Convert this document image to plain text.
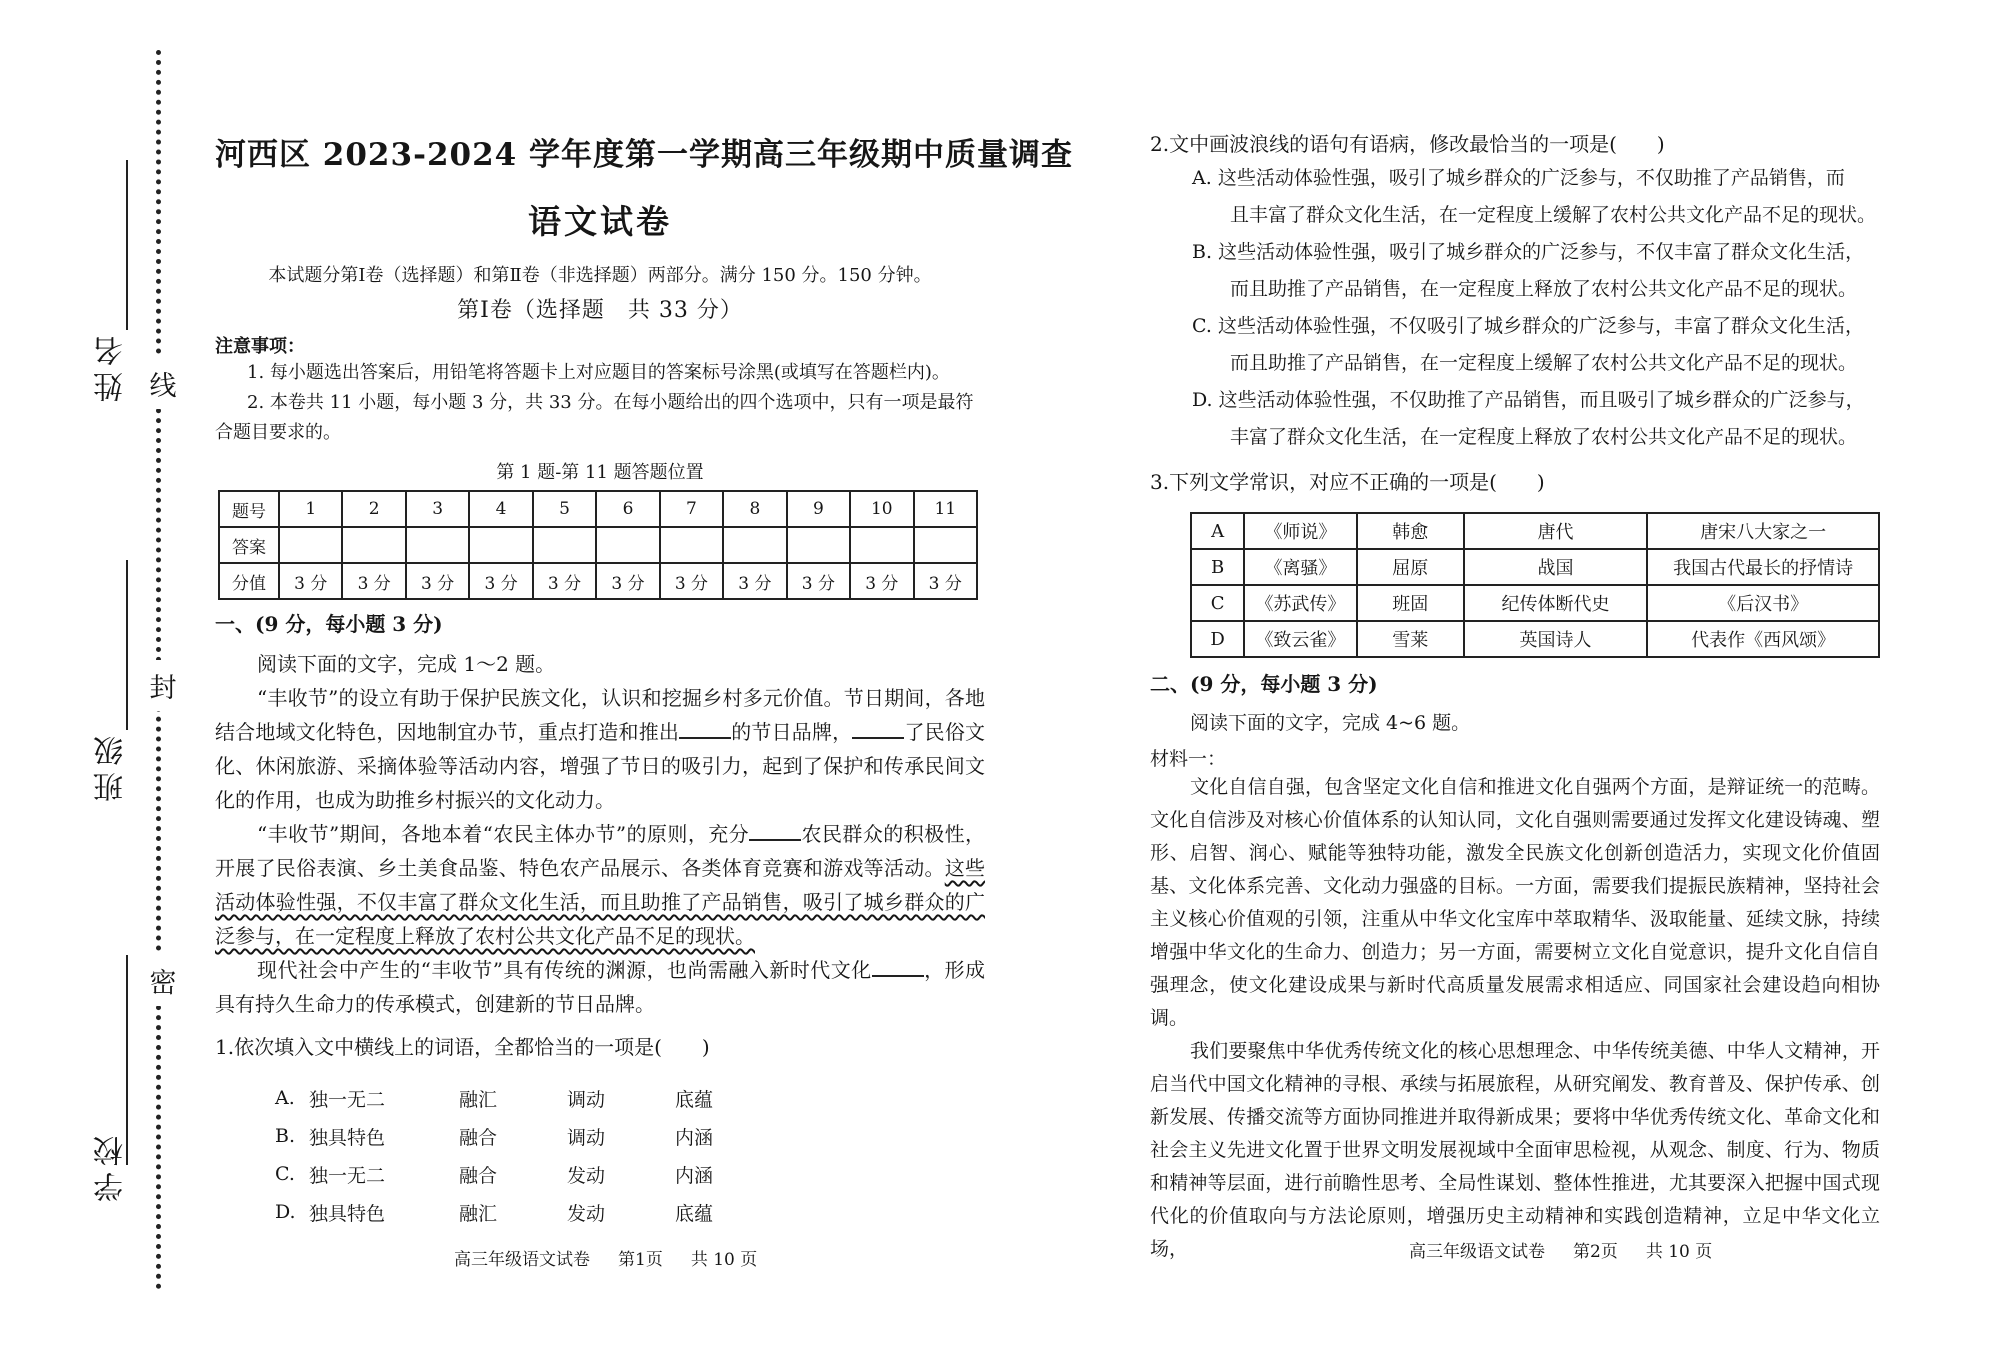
线
封
密
姓名
班级
学校
河西区 2023-2024 学年度第一学期高三年级期中质量调查
语文试卷
本试题分第Ⅰ卷（选择题）和第Ⅱ卷（非选择题）两部分。满分 150 分。150 分钟。
第Ⅰ卷（选择题　共 33 分）
注意事项：
1. 每小题选出答案后，用铅笔将答题卡上对应题目的答案标号涂黑(或填写在答题栏内)。
2. 本卷共 11 小题，每小题 3 分，共 33 分。在每小题给出的四个选项中，只有一项是最符合题目要求的。
第 1 题-第 11 题答题位置
题号	1	2	3	4	5	6	7	8	9	10	11
答案											
分值	3 分	3 分	3 分	3 分	3 分	3 分	3 分	3 分	3 分	3 分	3 分
一、(9 分，每小题 3 分)
阅读下面的文字，完成 1～2 题。
“丰收节”的设立有助于保护民族文化，认识和挖掘乡村多元价值。节日期间，各地结合地域文化特色，因地制宜办节，重点打造和推出	的节日品牌，	了民俗文化、休闲旅游、采摘体验等活动内容，增强了节日的吸引力，起到了保护和传承民间文化的作用，也成为助推乡村振兴的文化动力。
“丰收节”期间，各地本着“农民主体办节”的原则，充分	农民群众的积极性，开展了民俗表演、乡土美食品鉴、特色农产品展示、各类体育竞赛和游戏等活动。这些活动体验性强，不仅丰富了群众文化生活，而且助推了产品销售，吸引了城乡群众的广泛参与，在一定程度上释放了农村公共文化产品不足的现状。
现代社会中产生的“丰收节”具有传统的渊源，也尚需融入新时代文化	，形成具有持久生命力的传承模式，创建新的节日品牌。
1.依次填入文中横线上的词语，全都恰当的一项是(　　)
A. 独一无二	融汇	调动	底蕴
B. 独具特色	融合	调动	内涵
C. 独一无二	融合	发动	内涵
D. 独具特色	融汇	发动	底蕴
高三年级语文试卷 第1页 共 10 页
2.文中画波浪线的语句有语病，修改最恰当的一项是(　　)
A. 这些活动体验性强，吸引了城乡群众的广泛参与，不仅助推了产品销售，而
且丰富了群众文化生活，在一定程度上缓解了农村公共文化产品不足的现状。
B. 这些活动体验性强，吸引了城乡群众的广泛参与，不仅丰富了群众文化生活，
而且助推了产品销售，在一定程度上释放了农村公共文化产品不足的现状。
C. 这些活动体验性强，不仅吸引了城乡群众的广泛参与，丰富了群众文化生活，
而且助推了产品销售，在一定程度上缓解了农村公共文化产品不足的现状。
D. 这些活动体验性强，不仅助推了产品销售，而且吸引了城乡群众的广泛参与，
丰富了群众文化生活，在一定程度上释放了农村公共文化产品不足的现状。
3.下列文学常识，对应不正确的一项是(　　)
A	《师说》	韩愈	唐代	唐宋八大家之一
B	《离骚》	屈原	战国	我国古代最长的抒情诗
C	《苏武传》	班固	纪传体断代史	《后汉书》
D	《致云雀》	雪莱	英国诗人	代表作《西风颂》
二、(9 分，每小题 3 分)
阅读下面的文字，完成 4~6 题。
材料一：
文化自信自强，包含坚定文化自信和推进文化自强两个方面，是辩证统一的范畴。文化自信涉及对核心价值体系的认知认同，文化自强则需要通过发挥文化建设铸魂、塑形、启智、润心、赋能等独特功能，激发全民族文化创新创造活力，实现文化价值固基、文化体系完善、文化动力强盛的目标。一方面，需要我们提振民族精神，坚持社会主义核心价值观的引领，注重从中华文化宝库中萃取精华、汲取能量、延续文脉，持续增强中华文化的生命力、创造力；另一方面，需要树立文化自觉意识，提升文化自信自强理念，使文化建设成果与新时代高质量发展需求相适应、同国家社会建设趋向相协调。
我们要聚焦中华优秀传统文化的核心思想理念、中华传统美德、中华人文精神，开启当代中国文化精神的寻根、承续与拓展旅程，从研究阐发、教育普及、保护传承、创新发展、传播交流等方面协同推进并取得新成果；要将中华优秀传统文化、革命文化和社会主义先进文化置于世界文明发展视域中全面审思检视，从观念、制度、行为、物质和精神等层面，进行前瞻性思考、全局性谋划、整体性推进，尤其要深入把握中国式现代化的价值取向与方法论原则，增强历史主动精神和实践创造精神，立足中华文化立场，	高三年级语文试卷 第2页 共 10 页
